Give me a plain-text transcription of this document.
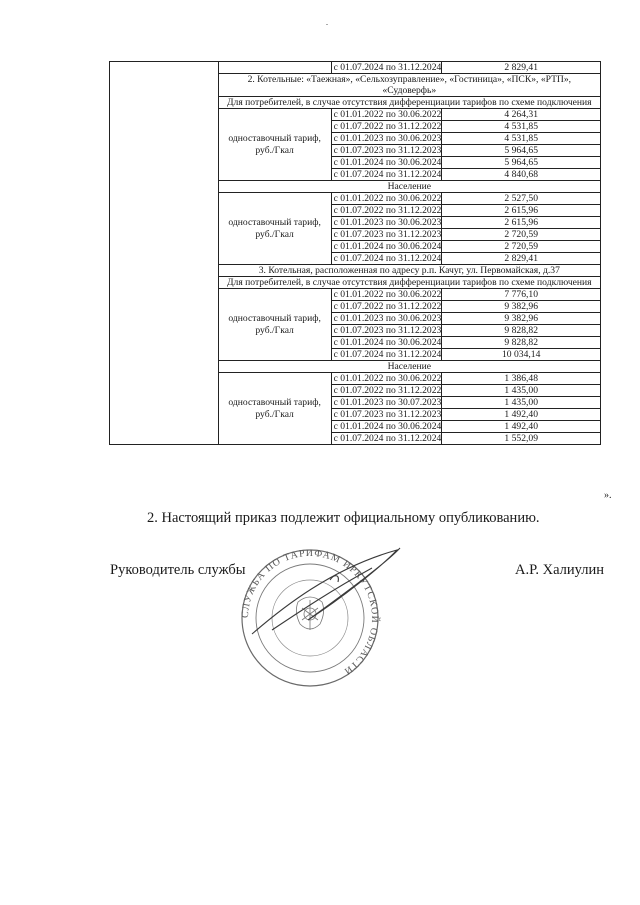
		с 01.07.2024 по 31.12.2024	2 829,41
	2. Котельные: «Таежная», «Сельхозуправление», «Гостиница», «ПСК», «РТП», «Судоверфь»		
	Для потребителей, в случае отсутствия дифференциации тарифов по схеме подключения		
	одноставочный тариф, руб./Гкал	с 01.01.2022 по 30.06.2022	4 264,31
		с 01.07.2022 по 31.12.2022	4 531,85
		с 01.01.2023 по 30.06.2023	4 531,85
		с 01.07.2023 по 31.12.2023	5 964,65
		с 01.01.2024 по 30.06.2024	5 964,65
		с 01.07.2024 по 31.12.2024	4 840,68
	Население		
	одноставочный тариф, руб./Гкал	с 01.01.2022 по 30.06.2022	2 527,50
		с 01.07.2022 по 31.12.2022	2 615,96
		с 01.01.2023 по 30.06.2023	2 615,96
		с 01.07.2023 по 31.12.2023	2 720,59
		с 01.01.2024 по 30.06.2024	2 720,59
		с 01.07.2024 по 31.12.2024	2 829,41
	3. Котельная, расположенная по адресу р.п. Качуг, ул. Первомайская, д.37		
	Для потребителей, в случае отсутствия дифференциации тарифов по схеме подключения		
	одноставочный тариф, руб./Гкал	с 01.01.2022 по 30.06.2022	7 776,10
		с 01.07.2022 по 31.12.2022	9 382,96
		с 01.01.2023 по 30.06.2023	9 382,96
		с 01.07.2023 по 31.12.2023	9 828,82
		с 01.01.2024 по 30.06.2024	9 828,82
		с 01.07.2024 по 31.12.2024	10 034,14
	Население		
	одноставочный тариф, руб./Гкал	с 01.01.2022 по 30.06.2022	1 386,48
		с 01.07.2022 по 31.12.2022	1 435,00
		с 01.01.2023 по 30.07.2023	1 435,00
		с 01.07.2023 по 31.12.2023	1 492,40
		с 01.01.2024 по 30.06.2024	1 492,40
		с 01.07.2024 по 31.12.2024	1 552,09
».
2. Настоящий приказ подлежит официальному опубликованию.
Руководитель службы	А.Р. Халиулин
СЛУЖБА ПО ТАРИФАМ ИРКУТСКОЙ ОБЛАСТИ
